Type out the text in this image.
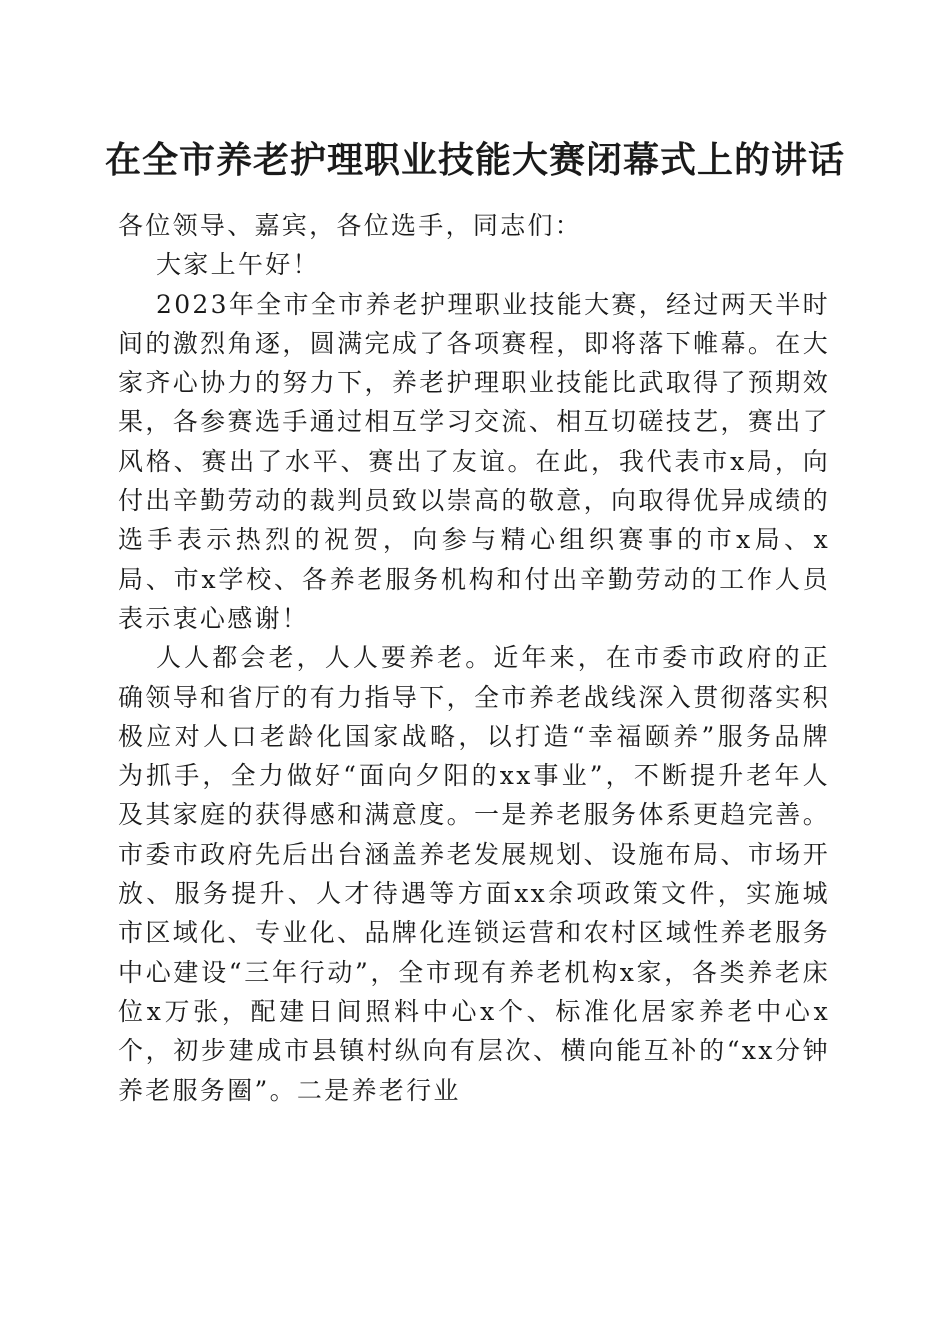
在全市养老护理职业技能大赛闭幕式上的讲话

各位领导、嘉宾，各位选手，同志们：

大家上午好！

2023年全市全市养老护理职业技能大赛，经过两天半时间的激烈角逐，圆满完成了各项赛程，即将落下帷幕。在大家齐心协力的努力下，养老护理职业技能比武取得了预期效果，各参赛选手通过相互学习交流、相互切磋技艺，赛出了风格、赛出了水平、赛出了友谊。在此，我代表市x局，向付出辛勤劳动的裁判员致以崇高的敬意，向取得优异成绩的选手表示热烈的祝贺，向参与精心组织赛事的市x局、x局、市x学校、各养老服务机构和付出辛勤劳动的工作人员表示衷心感谢！

人人都会老，人人要养老。近年来，在市委市政府的正确领导和省厅的有力指导下，全市养老战线深入贯彻落实积极应对人口老龄化国家战略，以打造“幸福颐养”服务品牌为抓手，全力做好“面向夕阳的xx事业”，不断提升老年人及其家庭的获得感和满意度。一是养老服务体系更趋完善。市委市政府先后出台涵盖养老发展规划、设施布局、市场开放、服务提升、人才待遇等方面xx余项政策文件，实施城市区域化、专业化、品牌化连锁运营和农村区域性养老服务中心建设“三年行动”，全市现有养老机构x家，各类养老床位x万张，配建日间照料中心x个、标准化居家养老中心x个，初步建成市县镇村纵向有层次、横向能互补的“xx分钟养老服务圈”。二是养老行业
